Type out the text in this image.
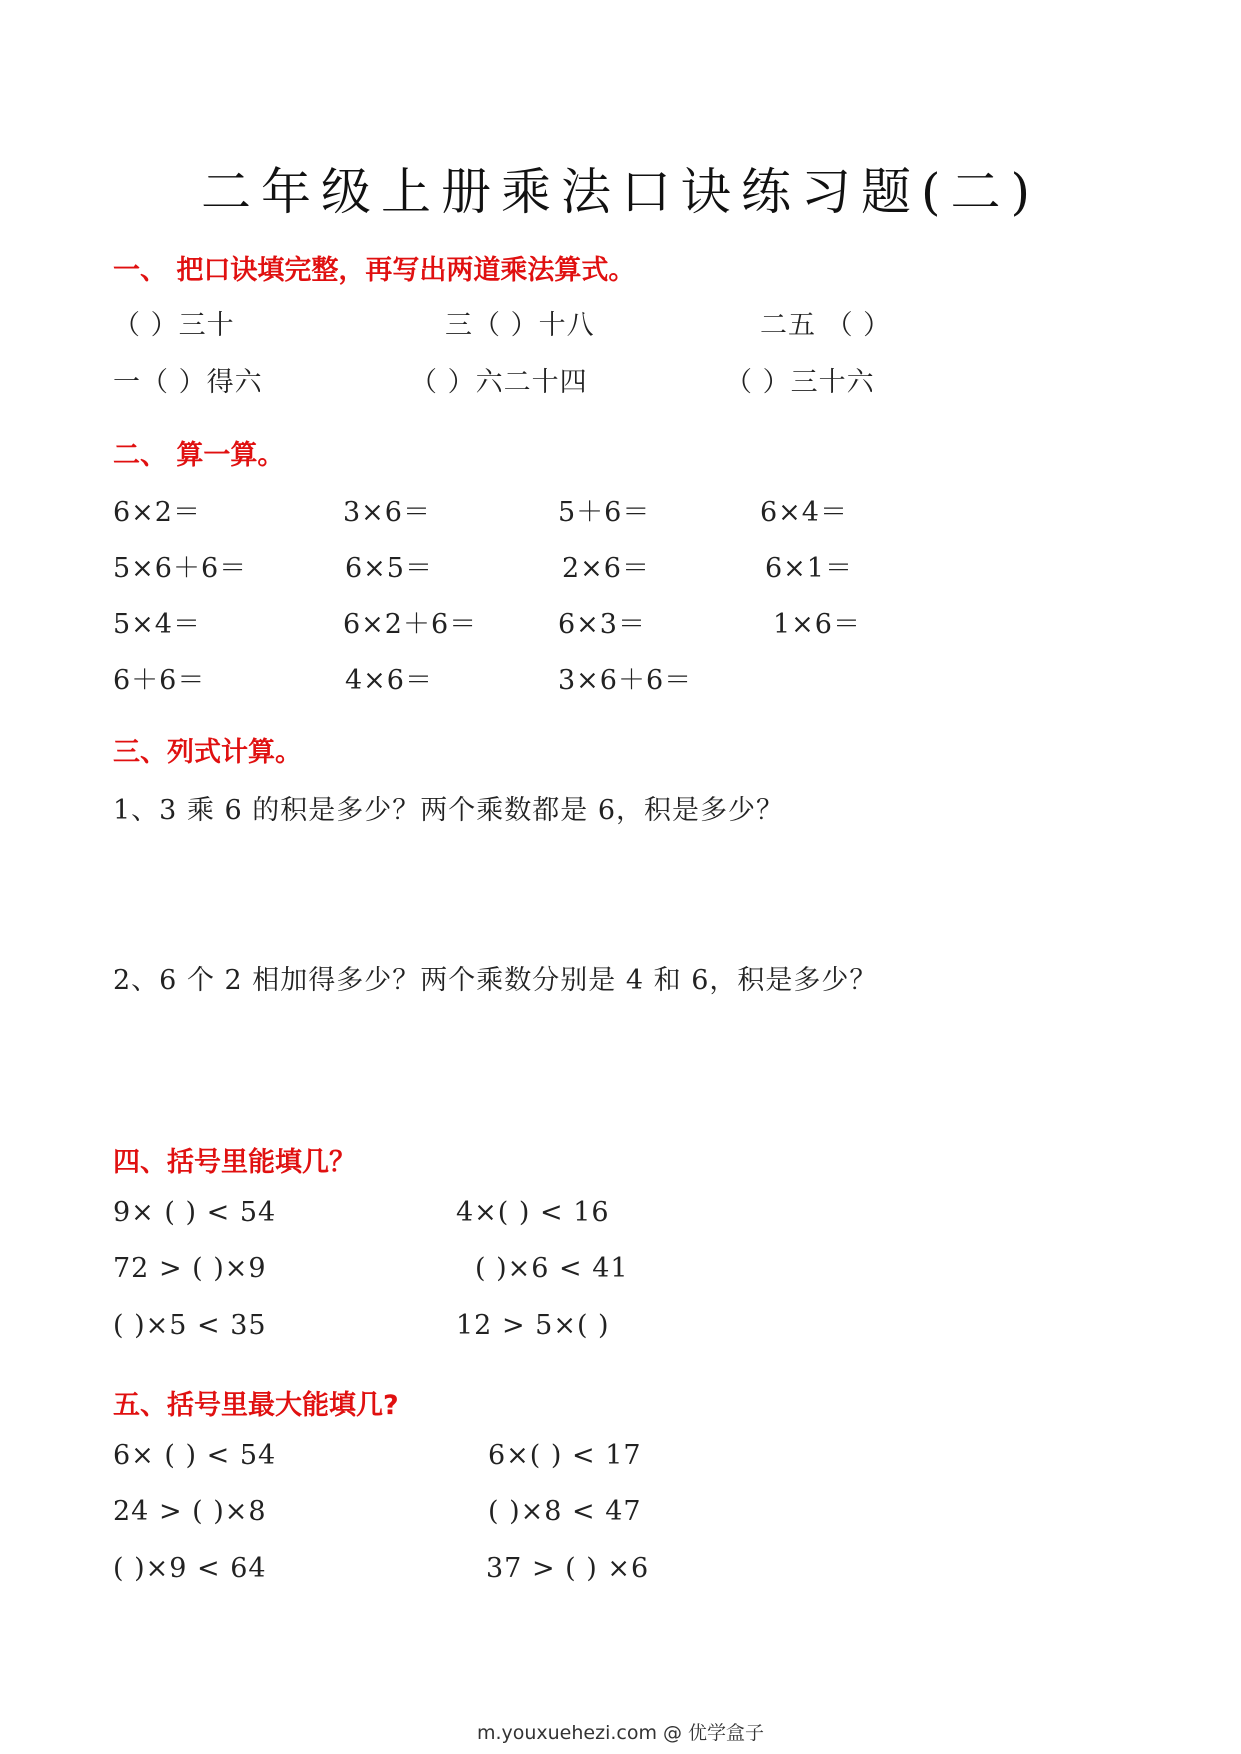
二年级上册乘法口诀练习题(二)
一、 把口诀填完整，再写出两道乘法算式。
（ ）三十	三（ ）十八	二五 （ ）
一（ ）得六	（ ）六二十四	（ ）三十六
二、 算一算。
6×2＝	3×6＝	5＋6＝	6×4＝
5×6＋6＝	6×5＝	2×6＝	6×1＝
5×4＝	6×2＋6＝	6×3＝	1×6＝
6＋6＝	4×6＝	3×6＋6＝
三、列式计算。
1、3 乘 6 的积是多少？两个乘数都是 6，积是多少？
2、6 个 2 相加得多少？两个乘数分别是 4 和 6，积是多少？
四、括号里能填几？
9× ( ) < 54	4×( ) < 16
72 > ( )×9	( )×6 < 41
( )×5 < 35	12 > 5×( )
五、括号里最大能填几?
6× ( ) < 54	6×( ) < 17
24 > ( )×8	( )×8 < 47
( )×9 < 64	37 > ( ) ×6
m.youxuehezi.com @ 优学盒子
